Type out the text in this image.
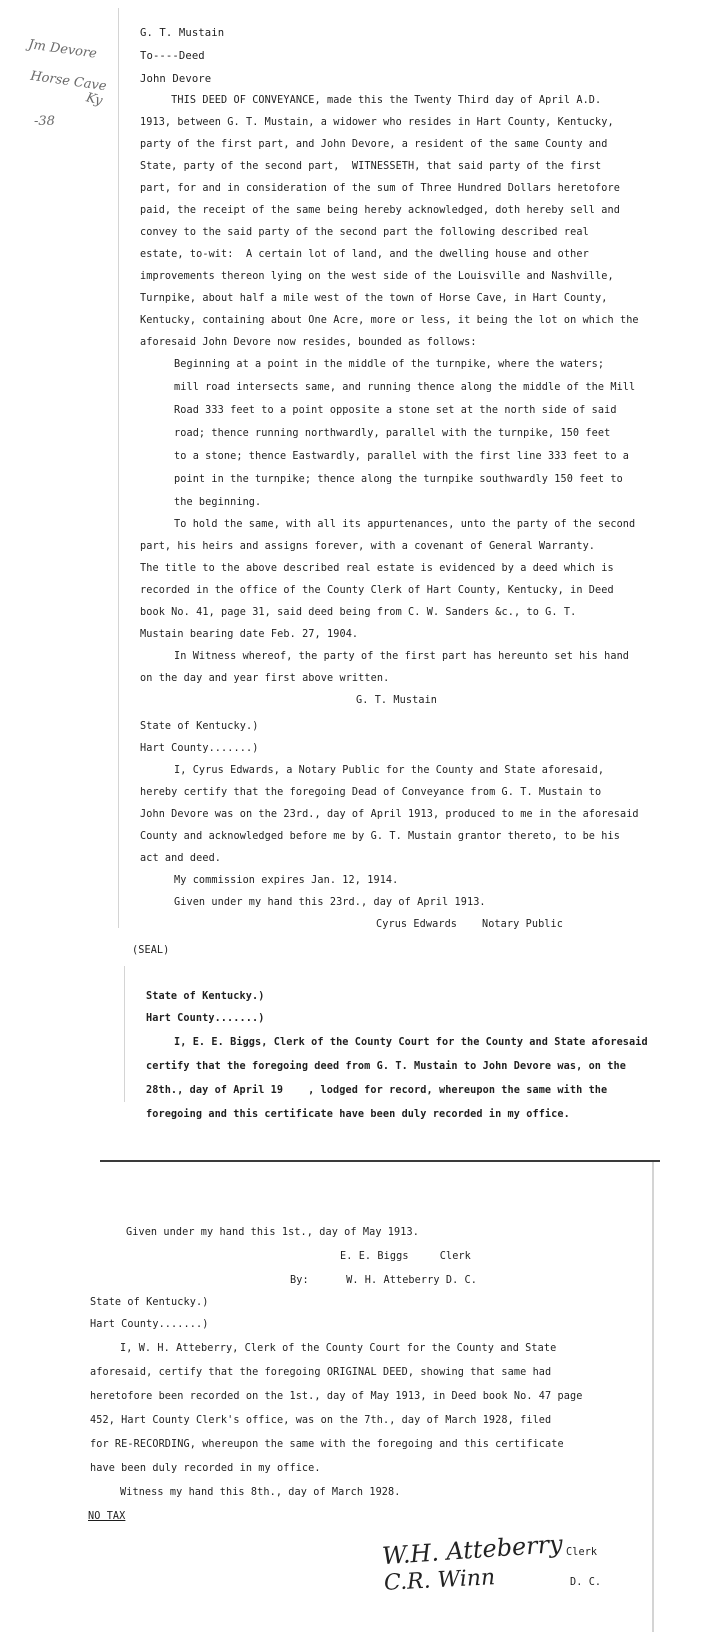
Jm Devore
Horse Cave
Ky
-38
G. T. Mustain
To----Deed
John Devore
THIS DEED OF CONVEYANCE, made this the Twenty Third day of April A.D.
1913, between G. T. Mustain, a widower who resides in Hart County, Kentucky,
party of the first part, and John Devore, a resident of the same County and
State, party of the second part,  WITNESSETH, that said party of the first
part, for and in consideration of the sum of Three Hundred Dollars heretofore
paid, the receipt of the same being hereby acknowledged, doth hereby sell and
convey to the said party of the second part the following described real
estate, to-wit:  A certain lot of land, and the dwelling house and other
improvements thereon lying on the west side of the Louisville and Nashville,
Turnpike, about half a mile west of the town of Horse Cave, in Hart County,
Kentucky, containing about One Acre, more or less, it being the lot on which the
aforesaid John Devore now resides, bounded as follows:
Beginning at a point in the middle of the turnpike, where the waters;
mill road intersects same, and running thence along the middle of the Mill
Road 333 feet to a point opposite a stone set at the north side of said
road; thence running northwardly, parallel with the turnpike, 150 feet
to a stone; thence Eastwardly, parallel with the first line 333 feet to a
point in the turnpike; thence along the turnpike southwardly 150 feet to
the beginning.
To hold the same, with all its appurtenances, unto the party of the second
part, his heirs and assigns forever, with a covenant of General Warranty.
The title to the above described real estate is evidenced by a deed which is
recorded in the office of the County Clerk of Hart County, Kentucky, in Deed
book No. 41, page 31, said deed being from C. W. Sanders &c., to G. T.
Mustain bearing date Feb. 27, 1904.
In Witness whereof, the party of the first part has hereunto set his hand
on the day and year first above written.
G. T. Mustain
State of Kentucky.)
Hart County.......)
I, Cyrus Edwards, a Notary Public for the County and State aforesaid,
hereby certify that the foregoing Dead of Conveyance from G. T. Mustain to
John Devore was on the 23rd., day of April 1913, produced to me in the aforesaid
County and acknowledged before me by G. T. Mustain grantor thereto, to be his
act and deed.
My commission expires Jan. 12, 1914.
Given under my hand this 23rd., day of April 1913.
Cyrus Edwards    Notary Public
(SEAL)
State of Kentucky.)
Hart County.......)
I, E. E. Biggs, Clerk of the County Court for the County and State aforesaid
certify that the foregoing deed from G. T. Mustain to John Devore was, on the
28th., day of April 19    , lodged for record, whereupon the same with the
foregoing and this certificate have been duly recorded in my office.
Given under my hand this 1st., day of May 1913.
E. E. Biggs     Clerk
By:      W. H. Atteberry D. C.
State of Kentucky.)
Hart County.......)
I, W. H. Atteberry, Clerk of the County Court for the County and State
aforesaid, certify that the foregoing ORIGINAL DEED, showing that same had
heretofore been recorded on the 1st., day of May 1913, in Deed book No. 47 page
452, Hart County Clerk's office, was on the 7th., day of March 1928, filed
for RE-RECORDING, whereupon the same with the foregoing and this certificate
have been duly recorded in my office.
Witness my hand this 8th., day of March 1928.
NO TAX
W.H. Atteberry
C.R. Winn
Clerk
D. C.
